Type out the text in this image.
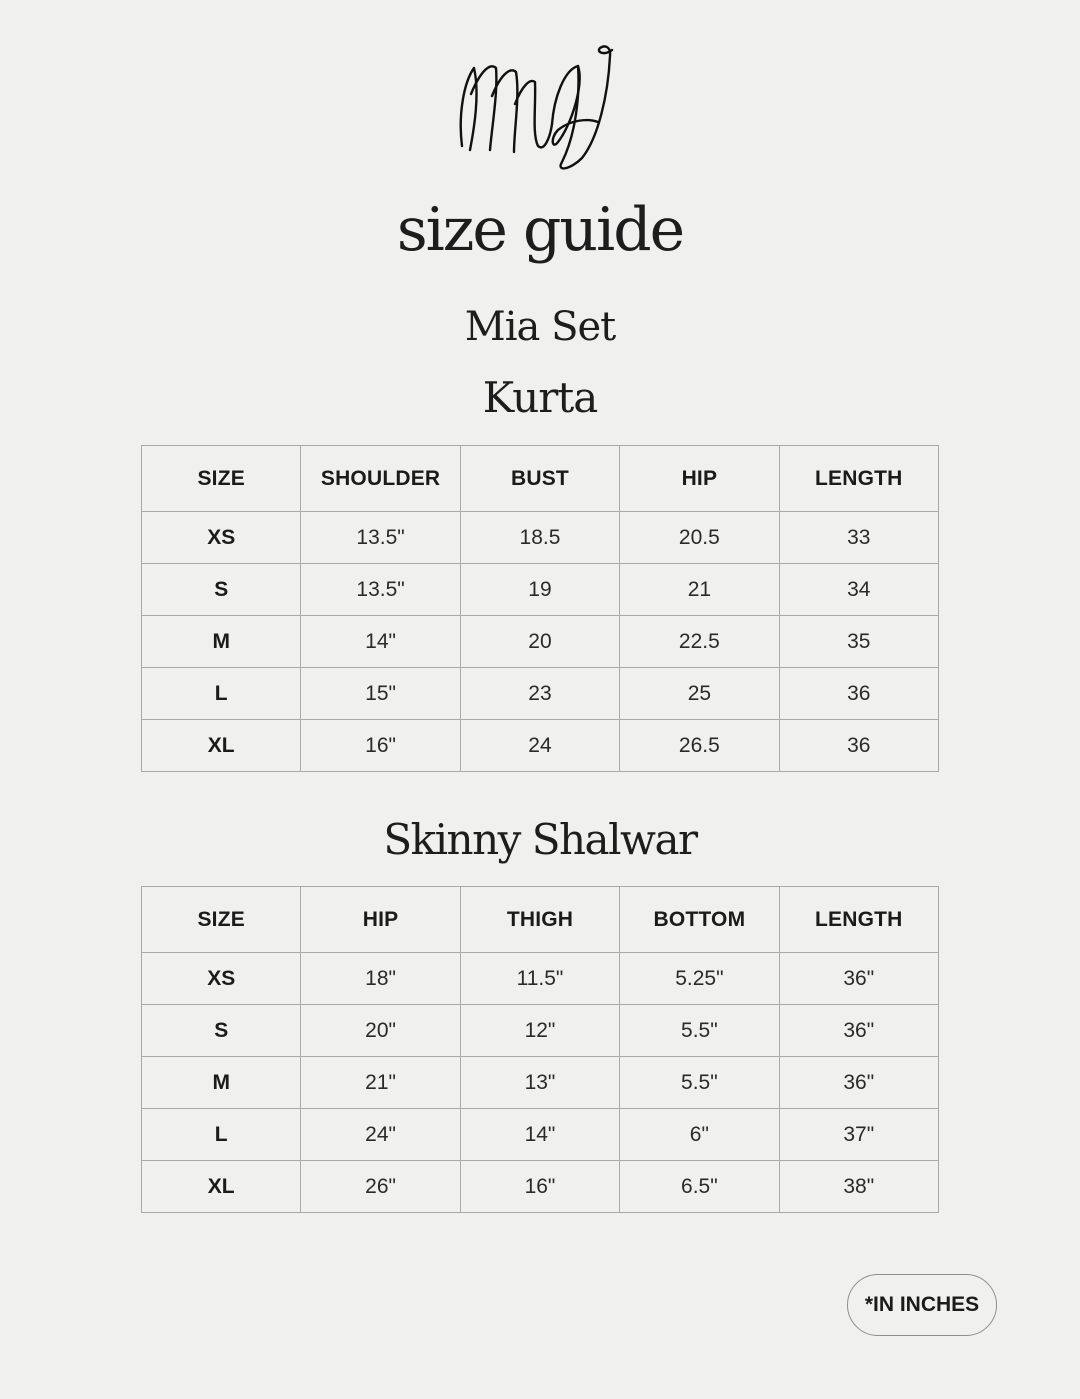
size guide
Mia Set
Kurta
SIZE	SHOULDER	BUST	HIP	LENGTH
XS	13.5"	18.5	20.5	33
S	13.5"	19	21	34
M	14"	20	22.5	35
L	15"	23	25	36
XL	16"	24	26.5	36
Skinny Shalwar
SIZE	HIP	THIGH	BOTTOM	LENGTH
XS	18"	11.5"	5.25"	36"
S	20"	12"	5.5"	36"
M	21"	13"	5.5"	36"
L	24"	14"	6"	37"
XL	26"	16"	6.5"	38"
*IN INCHES
